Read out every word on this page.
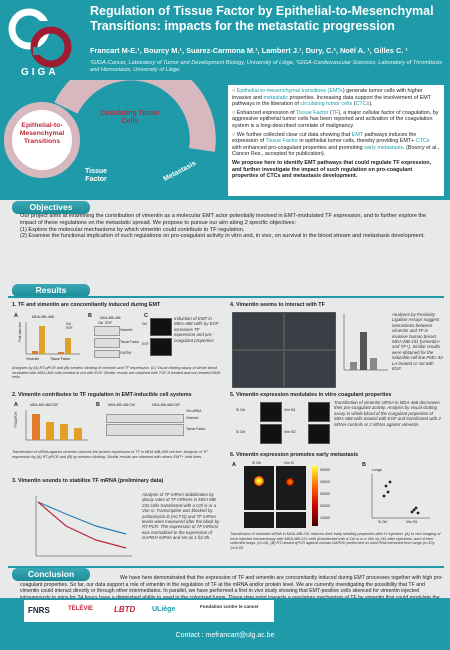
GIGA
Regulation of Tissue Factor by Epithelial-to-Mesenchymal Transitions: impacts for the metastatic progression
Francart M-E.¹, Bourcy M.¹, Suarez-Carmona M.¹, Lambert J.¹, Dury, C.², Noël A. ¹, Gilles C. ¹
¹GIGA-Cancer, Laboratory of Tumor and Development Biology, University of Liège, ²GIGA-Cardiovascular Sciences, Laboratory of Thrombosis and Hemostasis, University of Liège.
Epithelial-to-Mesenchymal Transitions
Circulating Tumor Cells
Tissue Factor	Metastasis

○ Epithelial-to-mesenchymal transitions (EMTs) generate tumor cells with higher invasive and metastatic properties. Increasing data support the involvement of EMT pathways in the liberation of circulating tumor cells (CTCs).

○ Enhanced expression of Tissue Factor (TF), a major cellular factor of coagulation, by aggressive epithelial tumor cells has been reported and activation of the coagulation system is a long-described correlate of malignancy.

○ We further collected clear cut data showing that EMT pathways induces the expression of Tissue Factor in epithelial tumor cells, thereby providing EMT+ CTCs with enhanced pro-coagulant properties and promoting early metastasis. (Bourcy et al., Cancer Res., accepted for publication).

We propose here to identify EMT pathways that could regulate TF expression, and further investigate the impact of such regulation on pro-coagulant properties of CTCs and metastasis development.

Objectives
Our project aims at examining the contribution of vimentin as a molecular EMT actor potentially involved in EMT-modulated TF expression, and to further explore the impact of these regulations on the metastatic spread. We propose to pursue our aim along 2 specific objectives:
(1) Explore the molecular mechanisms by which vimentin could contribute to TF regulation.
(2) Examine the functional implication of such regulations on pro-coagulant activity in vitro and, in vivo, on survival in the blood stream and metastasis development.
Results
1. TF and vimentin are concomitantly induced during EMT
A	B	C
MDA-MB-468
Fold induction	Ctrl
EGF
Vimentin	Tissue Factor
MDA-MB-468
Ctrl EGF
Vimentin
Tissue Factor
GAPDH
Ctrl
EGF
Induction of EMT in MDA-468 cells by EGF increases TF expression and pro-coagulant properties
Analyses by (A) RT-qPCR and (B) western blotting of vimentin and TF expression. (C) Visual clotting assay of whole blood incubated with MDA-468 cells treated or not with EGF. Similar results are obtained with TGF-ß treated and non treated A549 cells.
2. Vimentin contributes to TF regulation in EMT-inducible cell systems
A	B
MDA-MB-468 EGF
TF/GAPDH
MDA-MB-468 Ctrl	MDA-MB-468 EGF
Vim siRNA
Vimentin
Tissue Factor
Transfection of siRNA against vimentin reduces the protein expression of TF in MDA-MB-468 cell line. Analysis of TF expression by (A) RT-qPCR and (B) by western blotting. Similar results are obtained with others EMT+ cells lines.
3. Vimentin sounds to stabilize TF mRNA (preliminary data)
Analysis of TF mRNA stabilization by decay rates of TF mRNAs in MDA MB 231 cells transfected with a Ctrl si or a Vim si. Transcription was blocked by actinomycin D (ACT-D) and TF mRNA levels were measured after the block by RT-PCR. The expression of TF mRNAs was normalized to the expression of GAPDH mRNA and set as 1 for 0h.
4. Vimentin seems to interact with TF
Analyses by Proximity Ligation Assays suggest interactions between vimentin and TF in invasive human breast MDA-MB-231 (vimentin+ and TF+). Similar results were obtained for the inducible cell line PMC-42-LA treated or not with EGF.
5. Vimentin expression modulates in vitro coagulant properties
Si Ctrl	Vim Si1
Si Ctrl	Vim Si2
Transfection of vimentin siRNA in MDA-468 decreases their pro-coagulant activity. Analysis by visual clotting assay in whole blood of the coagulant properties of MDA-468 cells treated with EGF and transfected with 2 siRNA controls or 2 siRNA against vimentin.
6. Vimentin expression promotes early metastasis
A	B
Si Ctrl	Vim Si
50000
40000
30000
20000
10000
Lungs
Si Ctrl	Vim Si1
Transfection of vimentin siRNA in MDA-MB-231 reduces their early seeding properties after IV injection. (A) In vivo imaging of mice injected intravenously with MDA-MB-231 cells (transfected with a Ctrl si or a Vim si) 24h after injections, and of their collected lungs. (n=14). (B) RT-nested qPCR against human GAPDH performed on total RNA extracted from lungs (n=10). *p<0.05
Conclusion	We have here demonstrated that the expression of TF and vimentin are concomitantly induced during EMT processes together with high pro-coagulant properties. So far, our data support a role of vimentin in the regulation of TF at the mRNA and/or protein level. We are currently investigating the possibility that TF and vimentin could interact directly or through other intermediates. In parallel, we have performed a first in vivo study showing that EMT-positive cells silenced for vimentin injected
FNRS	TÉLÉVIE	LBTD ULiège	Fondation contre le cancer
Contact : mefrancart@ulg.ac.be
